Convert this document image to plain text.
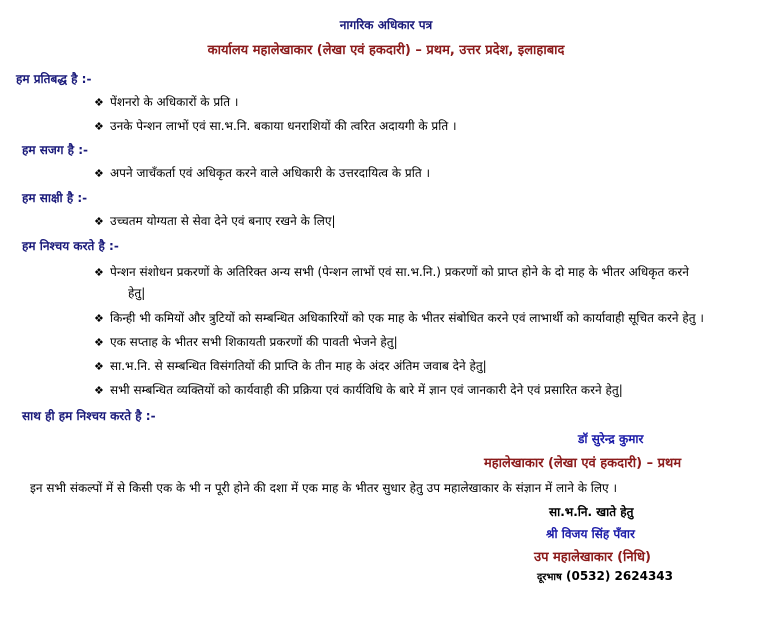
नागरिक अधिकार पत्र
कार्यालय महालेखाकार (लेखा एवं हकदारी) – प्रथम, उत्तर प्रदेश, इलाहाबाद
हम प्रतिबद्ध है :-
❖ पेंशनरो के अधिकारों के प्रति ।
❖ उनके पेन्शन लाभों एवं सा.भ.नि. बकाया धनराशियों की त्वरित अदायगी के प्रति ।
हम सजग है :-
❖ अपने जाचँकर्ता एवं अधिकृत करने वाले अधिकारी के उत्तरदायित्व के प्रति ।
हम साक्षी है :-
❖ उच्चतम योग्यता से सेवा देने एवं बनाए रखने के लिए|
हम निश्चय करते है :-
❖ पेन्शन संशोधन प्रकरणों के अतिरिक्त अन्य सभी (पेन्शन लाभों एवं सा.भ.नि.) प्रकरणों को प्राप्त होने के दो माह के भीतर अधिकृत करने
हेतु|
❖ किन्ही भी कमियों और त्रुटियों को सम्बन्धित अधिकारियों को एक माह के भीतर संबोधित करने एवं लाभार्थी को कार्यावाही सूचित करने हेतु ।
❖ एक सप्ताह के भीतर सभी शिकायती प्रकरणों की पावती भेजने हेतु|
❖ सा.भ.नि. से सम्बन्धित विसंगतियों की प्राप्ति के तीन माह के अंदर अंतिम जवाब देने हेतु|
❖ सभी सम्बन्धित व्यक्तियों को कार्यवाही की प्रक्रिया एवं कार्यविधि के बारे में ज्ञान एवं जानकारी देने एवं प्रसारित करने हेतु|
साथ ही हम निश्चय करते है :-
डॉ सुरेन्द्र कुमार
महालेखाकार (लेखा एवं हकदारी) – प्रथम
इन सभी संकल्पों में से किसी एक के भी न पूरी होने की दशा में एक माह के भीतर सुधार हेतु उप महालेखाकार के संज्ञान में लाने के लिए ।
सा.भ.नि. खाते हेतु
श्री विजय सिंह पँवार
उप महालेखाकार (निधि)
दूरभाष (0532) 2624343
